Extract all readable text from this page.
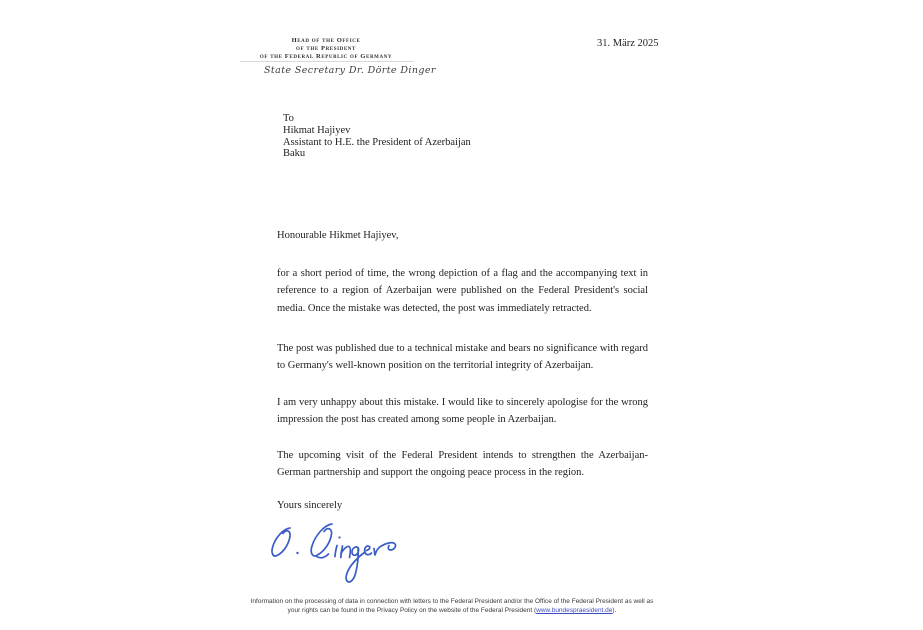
Head of the Office
of the President
of the Federal Republic of Germany
State Secretary Dr. Dörte Dinger
31. März 2025
To
Hikmat Hajiyev
Assistant to H.E. the President of Azerbaijan
Baku
Honourable Hikmet Hajiyev,

for a short period of time, the wrong depiction of a flag and the accompanying text in reference to a region of Azerbaijan were published on the Federal President's social media. Once the mistake was detected, the post was immediately retracted.

The post was published due to a technical mistake and bears no significance with regard to Germany's well-known position on the territorial integrity of Azerbaijan.

I am very unhappy about this mistake. I would like to sincerely apologise for the wrong impression the post has created among some people in Azerbaijan.

The upcoming visit of the Federal President intends to strengthen the Azerbaijan-German partnership and support the ongoing peace process in the region.

Yours sincerely
Information on the processing of data in connection with letters to the Federal President and/or the Office of the Federal President as well as
your rights can be found in the Privacy Policy on the website of the Federal President (www.bundespraesident.de).
